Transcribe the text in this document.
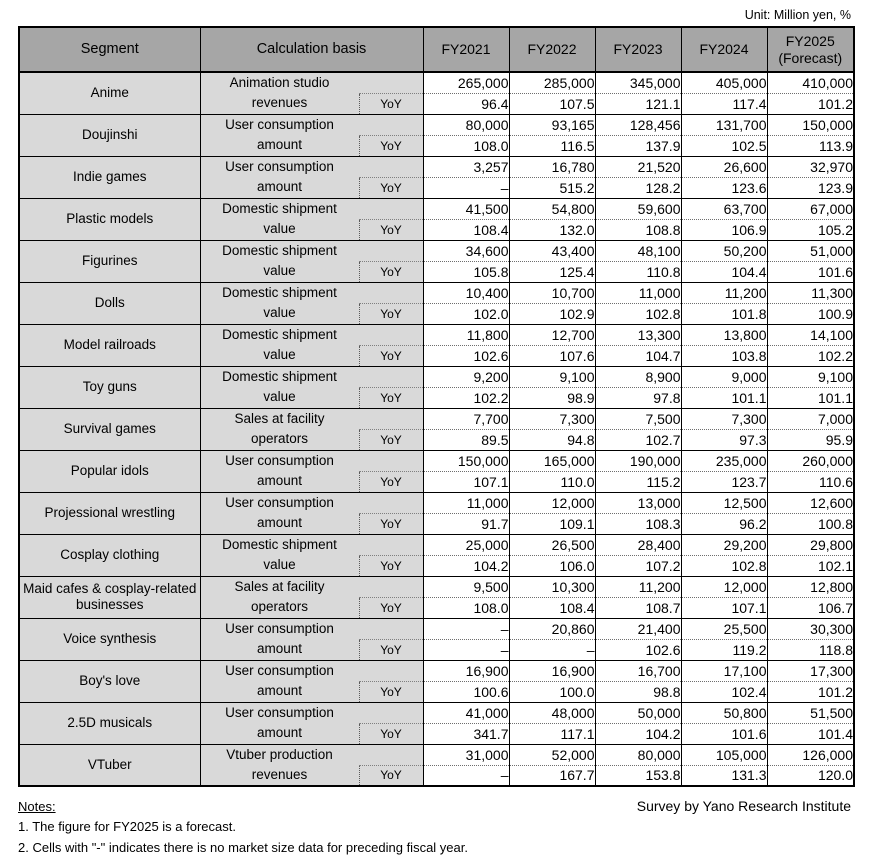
Unit: Million yen, %
Segment	Calculation basis		FY2021	FY2022	FY2023	FY2024	FY2025
(Forecast)

Anime	Animation studio
revenues		265,000	285,000	345,000	405,000	410,000
		YoY	96.4	107.5	121.1	117.4	101.2
Doujinshi	User consumption
amount		80,000	93,165	128,456	131,700	150,000
		YoY	108.0	116.5	137.9	102.5	113.9
Indie games	User consumption
amount		3,257	16,780	21,520	26,600	32,970
		YoY	–	515.2	128.2	123.6	123.9
Plastic models	Domestic shipment
value		41,500	54,800	59,600	63,700	67,000
		YoY	108.4	132.0	108.8	106.9	105.2
Figurines	Domestic shipment
value		34,600	43,400	48,100	50,200	51,000
		YoY	105.8	125.4	110.8	104.4	101.6
Dolls	Domestic shipment
value		10,400	10,700	11,000	11,200	11,300
		YoY	102.0	102.9	102.8	101.8	100.9
Model railroads	Domestic shipment
value		11,800	12,700	13,300	13,800	14,100
		YoY	102.6	107.6	104.7	103.8	102.2
Toy guns	Domestic shipment
value		9,200	9,100	8,900	9,000	9,100
		YoY	102.2	98.9	97.8	101.1	101.1
Survival games	Sales at facility
operators		7,700	7,300	7,500	7,300	7,000
		YoY	89.5	94.8	102.7	97.3	95.9
Popular idols	User consumption
amount		150,000	165,000	190,000	235,000	260,000
		YoY	107.1	110.0	115.2	123.7	110.6
Projessional wrestling	User consumption
amount		11,000	12,000	13,000	12,500	12,600
		YoY	91.7	109.1	108.3	96.2	100.8
Cosplay clothing	Domestic shipment
value		25,000	26,500	28,400	29,200	29,800
		YoY	104.2	106.0	107.2	102.8	102.1
Maid cafes & cosplay-related businesses	Sales at facility
operators		9,500	10,300	11,200	12,000	12,800
		YoY	108.0	108.4	108.7	107.1	106.7
Voice synthesis	User consumption
amount		–	20,860	21,400	25,500	30,300
		YoY	–	–	102.6	119.2	118.8
Boy's love	User consumption
amount		16,900	16,900	16,700	17,100	17,300
		YoY	100.6	100.0	98.8	102.4	101.2
2.5D musicals	User consumption
amount		41,000	48,000	50,000	50,800	51,500
		YoY	341.7	117.1	104.2	101.6	101.4
VTuber	Vtuber production
revenues		31,000	52,000	80,000	105,000	126,000
		YoY	–	167.7	153.8	131.3	120.0
Notes:	Survey by Yano Research Institute
1. The figure for FY2025 is a forecast.
2. Cells with "-" indicates there is no market size data for preceding fiscal year.
